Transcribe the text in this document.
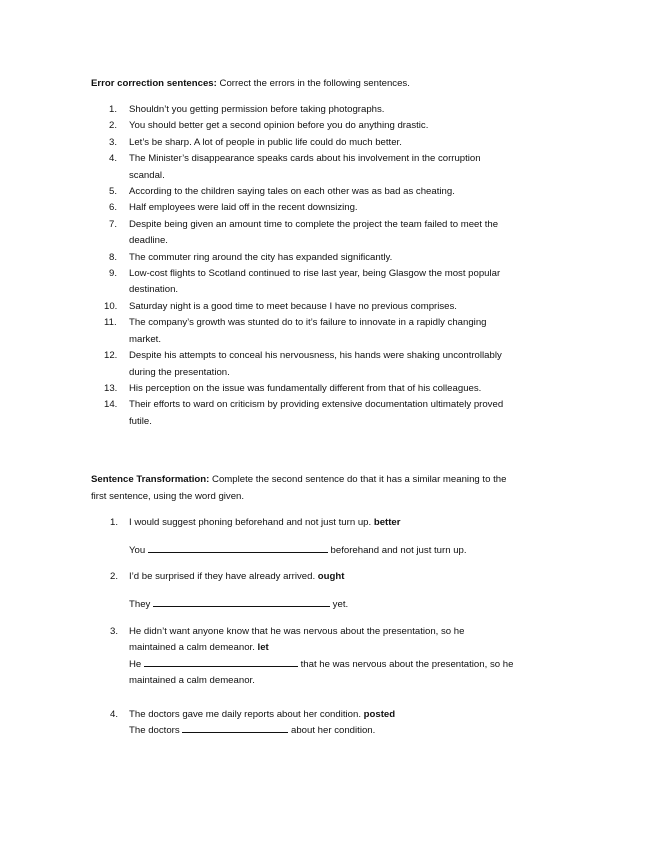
Error correction sentences: Correct the errors in the following sentences.
1. Shouldn’t you getting permission before taking photographs.
2. You should better get a second opinion before you do anything drastic.
3. Let’s be sharp. A lot of people in public life could do much better.
4. The Minister’s disappearance speaks cards about his involvement in the corruption
scandal.
5. According to the children saying tales on each other was as bad as cheating.
6. Half employees were laid off in the recent downsizing.
7. Despite being given an amount time to complete the project the team failed to meet the
deadline.
8. The commuter ring around the city has expanded significantly.
9. Low-cost flights to Scotland continued to rise last year, being Glasgow the most popular
destination.
10. Saturday night is a good time to meet because I have no previous comprises.
11. The company’s growth was stunted do to it’s failure to innovate in a rapidly changing
market.
12. Despite his attempts to conceal his nervousness, his hands were shaking uncontrollably
during the presentation.
13. His perception on the issue was fundamentally different from that of his colleagues.
14. Their efforts to ward on criticism by providing extensive documentation ultimately proved
futile.
Sentence Transformation: Complete the second sentence do that it has a similar meaning to the
first sentence, using the word given.
1. I would suggest phoning beforehand and not just turn up. better
You	beforehand and not just turn up.
2. I’d be surprised if they have already arrived. ought
They	yet.
3. He didn’t want anyone know that he was nervous about the presentation, so he
maintained a calm demeanor. let
He	that he was nervous about the presentation, so he
maintained a calm demeanor.
4. The doctors gave me daily reports about her condition. posted
The doctors	about her condition.
